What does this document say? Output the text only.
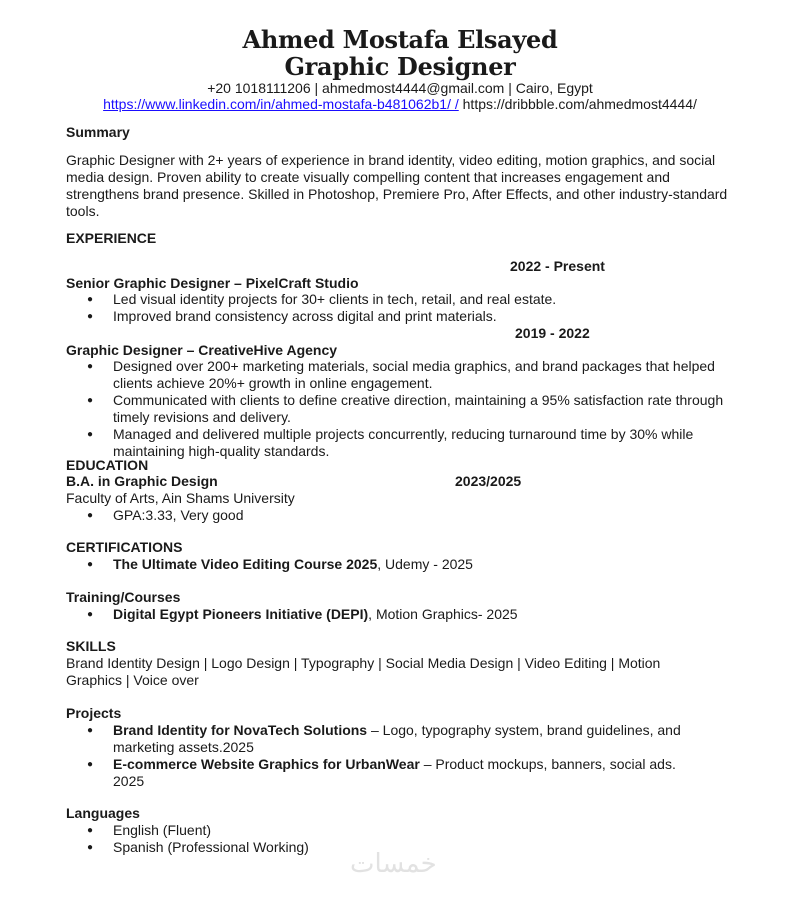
Ahmed Mostafa Elsayed
Graphic Designer
+20 1018111206 | ahmedmost4444@gmail.com | Cairo, Egypt
https://www.linkedin.com/in/ahmed-mostafa-b481062b1/ / https://dribbble.com/ahmedmost4444/
Summary
Graphic Designer with 2+ years of experience in brand identity, video editing, motion graphics, and social media design. Proven ability to create visually compelling content that increases engagement and strengthens brand presence. Skilled in Photoshop, Premiere Pro, After Effects, and other industry-standard tools.
EXPERIENCE
2022 - Present
Senior Graphic Designer – PixelCraft Studio
● Led visual identity projects for 30+ clients in tech, retail, and real estate.
● Improved brand consistency across digital and print materials.
2019 - 2022
Graphic Designer – CreativeHive Agency
● Designed over 200+ marketing materials, social media graphics, and brand packages that helped clients achieve 20%+ growth in online engagement.
● Communicated with clients to define creative direction, maintaining a 95% satisfaction rate through timely revisions and delivery.
● Managed and delivered multiple projects concurrently, reducing turnaround time by 30% while maintaining high-quality standards.
EDUCATION
B.A. in Graphic Design	2023/2025
Faculty of Arts, Ain Shams University
● GPA:3.33, Very good
CERTIFICATIONS
● The Ultimate Video Editing Course 2025, Udemy - 2025
Training/Courses
● Digital Egypt Pioneers Initiative (DEPI), Motion Graphics- 2025
SKILLS
Brand Identity Design | Logo Design | Typography | Social Media Design | Video Editing | Motion Graphics | Voice over
Projects
● Brand Identity for NovaTech Solutions – Logo, typography system, brand guidelines, and marketing assets.2025
● E-commerce Website Graphics for UrbanWear – Product mockups, banners, social ads. 2025
Languages
● English (Fluent)
● Spanish (Professional Working)
خمسات
